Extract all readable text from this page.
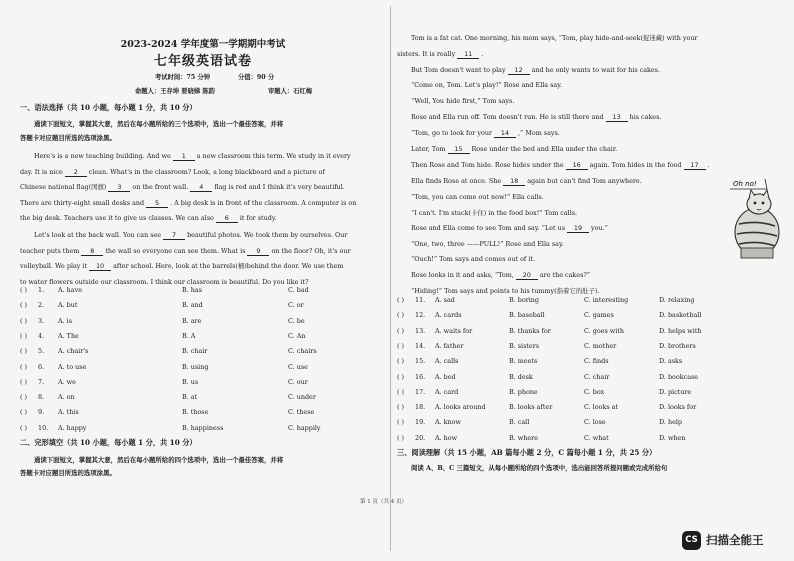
2023-2024 学年度第一学期期中考试
七年级英语试卷
考试时间：75 分钟	分值：90 分
命题人：王存坤 要晓娣 陈韵	审题人：石红梅
一、语法选择（共 10 小题，每小题 1 分，共 10 分）
通读下面短文，掌握其大意，然后在每小题所给的三个选项中，选出一个最佳答案，并将
答题卡对应题目所选的选项涂黑。
Here's is a new teaching building. And we 1 a new classroom this term. We study in it every
day. It is nice 2 clean. What's in the classroom? Look, a long blackboard and a picture of
Chinese national flag(国旗) 3 on the front wall. 4 flag is red and I think it's very beautiful.
There are thirty-eight small desks and 5 . A big desk is in front of the classroom. A computer is on
the big desk. Teachers use it to give us classes. We can also 6 it for study.
Let's look at the back wall. You can see 7 beautiful photos. We took them by ourselves. Our
teacher puts them 8 the wall so everyone can see them. What is 9 on the floor? Oh, it's our
volleyball. We play it 10 after school. Here, look at the barrels(桶)behind the door. We use them
to water flowers outside our classroom. I think our classroom is beautiful. Do you like it?
( ) 1. A. have	B. has	C. bad
( ) 2. A. but	B. and	C. or
( ) 3. A. is	B. are	C. be
( ) 4. A. The	B. A	C. An
( ) 5. A. chair's	B. chair	C. chairs
( ) 6. A. to use	B. using	C. use
( ) 7. A. we	B. us	C. our
( ) 8. A. on	B. at	C. under
( ) 9. A. this	B. those	C. these
( ) 10. A. happy	B. happiness	C. happily
二、完形填空（共 10 小题，每小题 1 分，共 10 分）
通读下面短文，掌握其大意，然后在每小题所给的四个选项中，选出一个最佳答案，并将
答题卡对应题目所选的选项涂黑。
Tom is a fat cat. One morning, his mom says, “Tom, play hide-and-seek(捉迷藏) with your
sisters. It is really 11 .
But Tom doesn't want to play 12 and he only wants to wait for his cakes.
“Come on, Tom. Let's play!” Rose and Ella say.
“Well, You hide first,” Tom says.
Rose and Ella run off. Tom doesn't run. He is still there and 13 his cakes.
“Tom, go to look for your 14 ,” Mom says.
Later, Tom 15 Rose under the bed and Ella under the chair.
Then Rose and Tom hide. Rose hides under the 16 again. Tom hides in the food 17 .
Ella finds Rose at once. She 18 again but can't find Tom anywhere.
“Tom, you can come out now!” Ella calls.
“I can't. I'm stuck(卡住) in the food box!” Tom calls.
Rose and Ella come to see Tom and say. “Let us 19 you.”
“One, two, three ——PULL!” Rose and Ella say.
“Ouch!” Tom says and comes out of it.
Rose looks in it and asks, “Tom, 20 are the cakes?”
“Hiding!” Tom says and points to his tummy(指着它的肚子).
Oh no!
( ) 11. A. sad	B. boring	C. interesting	D. relaxing
( ) 12. A. cards	B. baseball	C. games	D. basketball
( ) 13. A. waits for	B. thanks for	C. goes with	D. helps with
( ) 14. A. father	B. sisters	C. mother	D. brothers
( ) 15. A. calls	B. meets	C. finds	D. asks
( ) 16. A. bed	B. desk	C. chair	D. bookcase
( ) 17. A. card	B. phone	C. box	D. picture
( ) 18. A. looks around	B. looks after	C. looks at	D. looks for
( ) 19. A. know	B. call	C. lose	D. help
( ) 20. A. how	B. where	C. what	D. when
三、阅读理解（共 15 小题，AB 篇每小题 2 分，C 篇每小题 1 分，共 25 分）
阅读 A、B、C 三篇短文，从每小题所给的四个选项中，选出能回答所提问题或完成所给句
第 1 页（共 4 页）
CS 扫描全能王
